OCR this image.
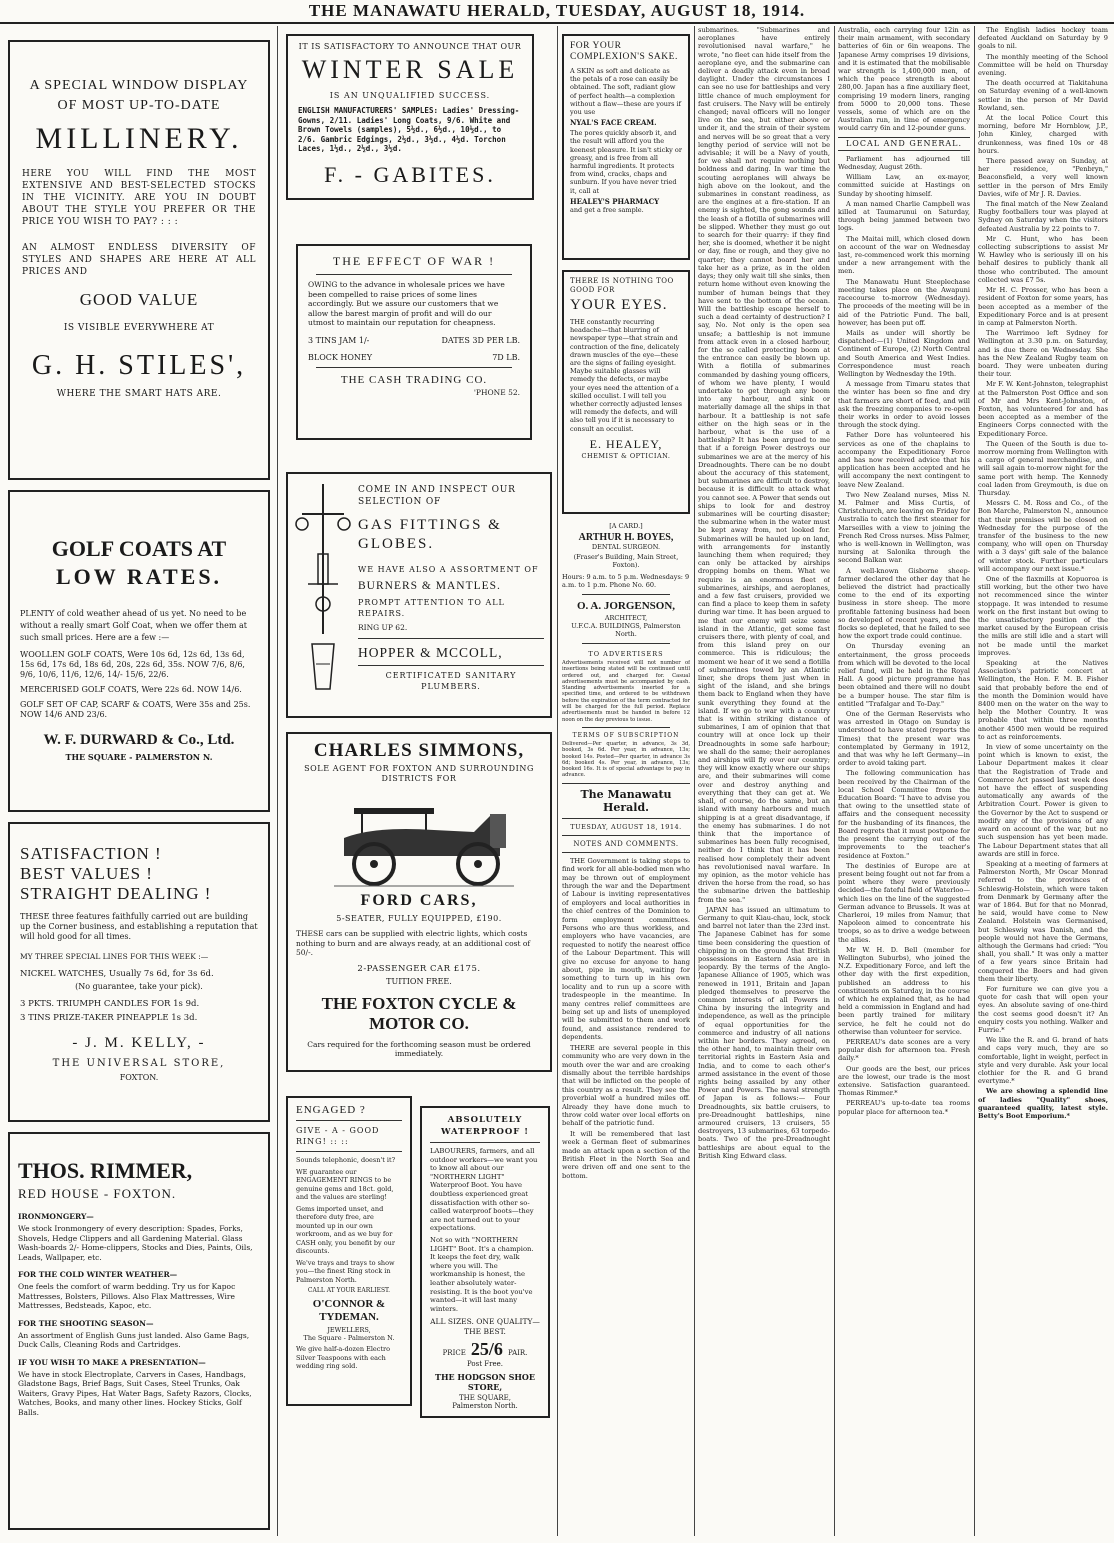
THE MANAWATU HERALD, TUESDAY, AUGUST 18, 1914.
A SPECIAL WINDOW DISPLAY
OF MOST UP-TO-DATE
MILLINERY.
HERE YOU WILL FIND THE MOST EXTENSIVE AND BEST-SELECTED STOCKS IN THE VICINITY. ARE YOU IN DOUBT ABOUT THE STYLE YOU PREFER OR THE PRICE YOU WISH TO PAY? : : :
AN ALMOST ENDLESS DIVERSITY OF STYLES AND SHAPES ARE HERE AT ALL PRICES AND
GOOD VALUE
IS VISIBLE EVERYWHERE AT
G. H. STILES',
WHERE THE SMART HATS ARE.
GOLF COATS AT
LOW RATES.
PLENTY of cold weather ahead of us yet. No need to be without a really smart Golf Coat, when we offer them at such small prices. Here are a few :—
WOOLLEN GOLF COATS, Were 10s 6d, 12s 6d, 13s 6d, 15s 6d, 17s 6d, 18s 6d, 20s, 22s 6d, 35s. NOW 7/6, 8/6, 9/6, 10/6, 11/6, 12/6, 14/- 15/6, 22/6.
MERCERISED GOLF COATS, Were 22s 6d. NOW 14/6.
GOLF SET OF CAP, SCARF & COATS, Were 35s and 25s. NOW 14/6 AND 23/6.
W. F. DURWARD & Co., Ltd.
THE SQUARE - PALMERSTON N.
SATISFACTION !
BEST VALUES !
STRAIGHT DEALING !
THESE three features faithfully carried out are building up the Corner business, and establishing a reputation that will hold good for all times.
MY THREE SPECIAL LINES FOR THIS WEEK :—
NICKEL WATCHES, Usually 7s 6d, for 3s 6d.
(No guarantee, take your pick).
3 PKTS. TRIUMPH CANDLES FOR 1s 9d.
3 TINS PRIZE-TAKER PINEAPPLE 1s 3d.
- J. M. KELLY, -
THE UNIVERSAL STORE,
FOXTON.
THOS. RIMMER,
RED HOUSE - FOXTON.
IRONMONGERY—
We stock Ironmongery of every description: Spades, Forks, Shovels, Hedge Clippers and all Gardening Material. Glass Wash-boards 2/- Home-clippers, Stocks and Dies, Paints, Oils, Leads, Wallpaper, etc.
FOR THE COLD WINTER WEATHER—
One feels the comfort of warm bedding. Try us for Kapoc Mattresses, Bolsters, Pillows. Also Flax Mattresses, Wire Mattresses, Bedsteads, Kapoc, etc.
FOR THE SHOOTING SEASON—
An assortment of English Guns just landed. Also Game Bags, Duck Calls, Cleaning Rods and Cartridges.
IF YOU WISH TO MAKE A PRESENTATION—
We have in stock Electroplate, Carvers in Cases, Handbags, Gladstone Bags, Brief Bags, Suit Cases, Steel Trunks, Oak Waiters, Gravy Pipes, Hat Water Bags, Safety Razors, Clocks, Watches, Books, and many other lines. Hockey Sticks, Golf Balls.
IT IS SATISFACTORY TO ANNOUNCE THAT OUR
WINTER SALE
IS AN UNQUALIFIED SUCCESS.
ENGLISH MANUFACTURERS' SAMPLES: Ladies' Dressing-Gowns, 2/11. Ladies' Long Coats, 9/6. White and Brown Towels (samples), 5½d., 6½d., 10½d., to 2/6. Gambric Edgings, 2½d., 3½d., 4½d. Torchon Laces, 1½d., 2½d., 3½d.
F. - GABITES.
THE EFFECT OF WAR !
OWING to the advance in wholesale prices we have been compelled to raise prices of some lines accordingly. But we assure our customers that we allow the barest margin of profit and will do our utmost to maintain our reputation for cheapness.
3 TINS JAM 1/-	DATES 3D PER LB.
BLOCK HONEY	7D LB.
THE CASH TRADING CO.
'PHONE 52.
COME IN AND INSPECT OUR SELECTION OF
GAS FITTINGS & GLOBES.
WE HAVE ALSO A ASSORTMENT OF
BURNERS & MANTLES.
PROMPT ATTENTION TO ALL REPAIRS.
RING UP 62.
HOPPER & MCCOLL,
CERTIFICATED SANITARY PLUMBERS.
CHARLES SIMMONS,
SOLE AGENT FOR FOXTON AND SURROUNDING DISTRICTS FOR
FORD CARS,
5-SEATER, FULLY EQUIPPED, £190.
THESE cars can be supplied with electric lights, which costs nothing to burn and are always ready, at an additional cost of 50/-.
2-PASSENGER CAR £175.
TUITION FREE.
THE FOXTON CYCLE & MOTOR CO.
Cars required for the forthcoming season must be ordered immediately.
ENGAGED ?
GIVE - A - GOOD RING! :: ::
Sounds telephonic, doesn't it?
WE guarantee our ENGAGEMENT RINGS to be genuine gems and 18ct. gold, and the values are sterling!
Gems imported unset, and therefore duty free, are mounted up in our own workroom, and as we buy for CASH only, you benefit by our discounts.
We've trays and trays to show you—the finest Ring stock in Palmerston North.
CALL AT YOUR EARLIEST.
O'CONNOR & TYDEMAN.
JEWELLERS,
The Square - Palmerston N.
We give half-a-dozen Electro Silver Teaspoons with each wedding ring sold.
ABSOLUTELY WATERPROOF !
LABOURERS, farmers, and all outdoor workers—we want you to know all about our "NORTHERN LIGHT" Waterproof Boot. You have doubtless experienced great dissatisfaction with other so-called waterproof boots—they are not turned out to your expectations.
Not so with "NORTHERN LIGHT" Boot. It's a champion. It keeps the feet dry, walk where you will. The workmanship is honest, the leather absolutely water-resisting. It is the boot you've wanted—it will last many winters.
ALL SIZES. ONE QUALITY—THE BEST.
PRICE 25/6 PAIR.
Post Free.
THE HODGSON SHOE STORE,
THE SQUARE,
Palmerston North.
FOR YOUR COMPLEXION'S SAKE.
A SKIN as soft and delicate as the petals of a rose can easily be obtained. The soft, radiant glow of perfect health—a complexion without a flaw—these are yours if you use
NYAL'S FACE CREAM.
The pores quickly absorb it, and the result will afford you the keenest pleasure. It isn't sticky or greasy, and is free from all harmful ingredients. It protects from wind, cracks, chaps and sunburn. If you have never tried it, call at
HEALEY'S PHARMACY
and get a free sample.
THERE IS NOTHING TOO GOOD FOR
YOUR EYES.
THE constantly recurring headache—that blurring of newspaper type—that strain and contraction of the fine, delicately drawn muscles of the eye—these are the signs of failing eyesight. Maybe suitable glasses will remedy the defects, or maybe your eyes need the attention of a skilled occulist. I will tell you whether correctly adjusted lenses will remedy the defects, and will also tell you if it is necessary to consult an occulist.
E. HEALEY,
CHEMIST & OPTICIAN.
[A CARD.]
ARTHUR H. BOYES,
DENTAL SURGEON.
(Fraser's Building, Main Street, Foxton).
Hours: 9 a.m. to 5 p.m. Wednesdays: 9 a.m. to 1 p.m. Phone No. 60.
O. A. JORGENSON,
ARCHITECT,
U.F.C.A. BUILDINGS, Palmerston North.
TO ADVERTISERS
Advertisements received will not number of insertions being stated will be continued until ordered out, and charged for. Casual advertisements must be accompanied by cash. Standing advertisements inserted for a specified time, and ordered to be withdrawn before the expiration of the term contracted for will be charged for the full period. Replace advertisements must be handed in before 12 noon on the day previous to issue.
TERMS OF SUBSCRIPTION
Delivered—Per quarter, in advance, 3s 3d, booked, 3s 6d. Per year, in advance, 13s; booked 14s. Posted—Per quarter, in advance 3s 6d; booked 4s. Per year, in advance, 13s; booked 16s. It is of special advantage to pay in advance.
The Manawatu Herald.
TUESDAY, AUGUST 18, 1914.
NOTES AND COMMENTS.

THE Government is taking steps to find work for all able-bodied men who may be thrown out of employment through the war and the Department of Labour is inviting representatives of employers and local authorities in the chief centres of the Dominion to form employment committees. Persons who are thus workless, and employers who have vacancies, are requested to notify the nearest office of the Labour Department. This will give no excuse for anyone to hang about, pipe in mouth, waiting for something to turn up in his own locality and to run up a score with tradespeople in the meantime. In many centres relief committees are being set up and lists of unemployed will be submitted to them and work found, and assistance rendered to dependents.

THERE are several people in this community who are very down in the mouth over the war and are croaking dismally about the terrible hardships that will be inflicted on the people of this country as a result. They see the proverbial wolf a hundred miles off. Already they have done much to throw cold water over local efforts on behalf of the patriotic fund.

It will be remembered that last week a German fleet of submarines made an attack upon a section of the British Fleet in the North Sea and were driven off and one sent to the bottom.

submarines. "Submarines and aeroplanes have entirely revolutionised naval warfare," he wrote, "no fleet can hide itself from the aeroplane eye, and the submarine can deliver a deadly attack even in broad daylight. Under the circumstances I can see no use for battleships and very little chance of much employment for fast cruisers. The Navy will be entirely changed; naval officers will no longer live on the sea, but either above or under it, and the strain of their system and nerves will be so great that a very lengthy period of service will not be advisable; it will be a Navy of youth, for we shall not require nothing but boldness and daring. In war time the scouting aeroplanes will always be high above on the lookout, and the submarines in constant readiness, as are the engines at a fire-station. If an enemy is sighted, the gong sounds and the leash of a flotilla of submarines will be slipped. Whether they must go out to search for their quarry: if they find her, she is doomed, whether it be night or day, fine or rough, and they give no quarter; they cannot board her and take her as a prize, as in the olden days; they only wait till she sinks, then return home without even knowing the number of human beings that they have sent to the bottom of the ocean. Will the battleship escape herself to such a dead certainty of destruction? I say, No. Not only is the open sea unsafe; a battleship is not immune from attack even in a closed harbour, for the so called protecting boom at the entrance can easily be blown up. With a flotilla of submarines commanded by dashing young officers, of whom we have plenty, I would undertake to get through any boom into any harbour, and sink or materially damage all the ships in that harbour. It a battleship is not safe either on the high seas or in the harbour, what is the use of a battleship? It has been argued to me that if a foreign Power destroys our submarines we are at the mercy of his Dreadnoughts. There can be no doubt about the accuracy of this statement, but submarines are difficult to destroy, because it is difficult to attack what you cannot see. A Power that sends out ships to look for and destroy submarines will be courting disaster; the submarine when in the water must be kept away from, not looked for. Submarines will be hauled up on land, with arrangements for instantly launching them when required; they can only be attacked by airships dropping bombs on them. What we require is an enormous fleet of submarines, airships, and aeroplanes, and a few fast cruisers, provided we can find a place to keep them in safety during war time. It has been argued to me that our enemy will seize some island in the Atlantic, get some fast cruisers there, with plenty of coal, and from this island prey on our commerce. This is ridiculous; the moment we hear of it we send a flotilla of submarines towed by an Atlantic liner, she drops them just when in sight of the island, and she brings them back to England when they have sunk everything they found at the island. If we go to war with a country that is within striking distance of submarines, I am of opinion that that country will at once lock up their Dreadnoughts in some safe harbour; we shall do the same; their aeroplanes and airships will fly over our country; they will know exactly where our ships are, and their submarines will come over and destroy anything and everything that they can get at. We shall, of course, do the same, but an island with many harbours and much shipping is at a great disadvantage, if the enemy has submarines. I do not think that the importance of submarines has been fully recognised, neither do I think that it has been realised how completely their advent has revolutionised naval warfare. In my opinion, as the motor vehicle has driven the horse from the road, so has the submarine driven the battleship from the sea."

JAPAN has issued an ultimatum to Germany to quit Kiau-chau, lock, stock and barrel not later than the 23rd inst. The Japanese Cabinet has for some time been considering the question of chipping in on the ground that British possessions in Eastern Asia are in jeopardy. By the terms of the Anglo-Japanese Alliance of 1905, which was renewed in 1911, Britain and Japan pledged themselves to preserve the common interests of all Powers in China by insuring the integrity and independence, as well as the principle of equal opportunities for the commerce and industry of all nations within her borders. They agreed, on the other hand, to maintain their own territorial rights in Eastern Asia and India, and to come to each other's armed assistance in the event of those rights being assailed by any other Power and Powers. The naval strength of Japan is as follows:— Four Dreadnoughts, six battle cruisers, to pre-Dreadnought battleships, nine armoured cruisers, 13 cruisers, 55 destroyers, 13 submarines, 63 torpedo-boats. Two of the pre-Dreadnought battleships are about equal to the British King Edward class.

Australia, each carrying four 12in as their main armament, with secondary batteries of 6in or 6in weapons. The Japanese Army comprises 19 divisions, and it is estimated that the mobilisable war strength is 1,400,000 men, of which the peace strength is about 280,00. Japan has a fine auxiliary fleet, comprising 19 modern liners, ranging from 5000 to 20,000 tons. These vessels, some of which are on the Australian run, in time of emergency would carry 6in and 12-pounder guns.

LOCAL AND GENERAL.

Parliament has adjourned till Wednesday, August 26th.

William Law, an ex-mayor, committed suicide at Hastings on Sunday by shooting himself.

A man named Charlie Campbell was killed at Taumarunui on Saturday, through being jammed between two logs.

The Maitai mill, which closed down on account of the war on Wednesday last, re-commenced work this morning under a new arrangement with the men.

The Manawatu Hunt Steeplechase meeting takes place on the Awapuni racecourse to-morrow (Wednesday). The proceeds of the meeting will be in aid of the Patriotic Fund. The ball, however, has been put off.

Mails as under will shortly be dispatched:—(1) United Kingdom and Continent of Europe, (2) North Central and South America and West Indies. Correspondence must reach Wellington by Wednesday the 19th.

A message from Timaru states that the winter has been so fine and dry that farmers are short of feed, and will ask the freezing companies to re-open their works in order to avoid losses through the stock dying.

Father Dore has volunteered his services as one of the chaplains to accompany the Expeditionary Force and has now received advice that his application has been accepted and he will accompany the next contingent to leave New Zealand.

Two New Zealand nurses, Miss N. M. Palmer and Miss Curtis, of Christchurch, are leaving on Friday for Australia to catch the first steamer for Marseilles with a view to joining the French Red Cross nurses. Miss Palmer, who is well-known in Wellington, was nursing at Salonika through the second Balkan war.

A well-known Gisborne sheep-farmer declared the other day that he believed the district had practically come to the end of its exporting business in store sheep. The more profitable fattening business had been so developed of recent years, and the flocks so depleted, that he failed to see how the export trade could continue.

On Thursday evening an entertainment, the gross proceeds from which will be devoted to the local relief fund, will be held in the Royal Hall. A good picture programme has been obtained and there will no doubt be a bumper house. The star film is entitled "Trafalgar and To-Day."

One of the German Reservists who was arrested in Otago on Sunday is understood to have stated (reports the Times) that the present war was contemplated by Germany in 1912, and that was why he left Germany—in order to avoid taking part.

The following communication has been received by the Chairman of the local School Committee from the Education Board: "I have to advise you that owing to the unsettled state of affairs and the consequent necessity for the husbanding of its finances, the Board regrets that it must postpone for the present the carrying out of the improvements to the teacher's residence at Foxton."

The destinies of Europe are at present being fought out not far from a point where they were previously decided—the fateful field of Waterloo—which lies on the line of the suggested German advance to Brussels. It was at Charleroi, 19 miles from Namur, that Napoleon aimed to concentrate his troops, so as to drive a wedge between the allies.

Mr W. H. D. Bell (member for Wellington Suburbs), who joined the N.Z. Expeditionary Force, and left the other day with the first expedition, published an address to his constituents on Saturday, in the course of which he explained that, as he had held a commission in England and had been partly trained for military service, he felt he could not do otherwise than volunteer for service.

PERREAU's date scones are a very popular dish for afternoon tea. Fresh daily.*

Our goods are the best, our prices are the lowest, our trade is the most extensive. Satisfaction guaranteed. Thomas Rimmer.*

PERREAU's up-to-date tea rooms popular place for afternoon tea.*

The English ladies hockey team defeated Auckland on Saturday by 9 goals to nil.

The monthly meeting of the School Committee will be held on Thursday evening.

The death occurred at Tiakitahuna on Saturday evening of a well-known settler in the person of Mr David Rowland, sen.

At the local Police Court this morning, before Mr Hornblow, J.P., John Kinley, charged with drunkenness, was fined 10s or 48 hours.

There passed away on Sunday, at her residence, "Penbryn," Beaconsfield, a very well known settler in the person of Mrs Emily Davies, wife of Mr J. R. Davies.

The final match of the New Zealand Rugby footballers tour was played at Sydney on Saturday when the visitors defeated Australia by 22 points to 7.

Mr C. Hunt, who has been collecting subscriptions to assist Mr W. Hawley who is seriously ill on his behalf desires to publicly thank all those who contributed. The amount collected was £7 5s.

Mr H. C. Prosser, who has been a resident of Foxton for some years, has been accepted as a member of the Expeditionary Force and is at present in camp at Palmerston North.

The Warrimoo left Sydney for Wellington at 3.30 p.m. on Saturday, and is due there on Wednesday. She has the New Zealand Rugby team on board. They were unbeaten during their tour.

Mr F. W. Kent-Johnston, telegraphist at the Palmerston Post Office and son of Mr and Mrs Kent-Johnston, of Foxton, has volunteered for and has been accepted as a member of the Engineers Corps connected with the Expeditionary Force.

The Queen of the South is due to-morrow morning from Wellington with a cargo of general merchandise, and will sail again to-morrow night for the same port with hemp. The Kennedy coal laden from Greymouth, is due on Thursday.

Messrs C. M. Ross and Co., of the Bon Marche, Palmerston N., announce that their premises will be closed on Wednesday for the purpose of the transfer of the business to the new company, who will open on Thursday with a 3 days' gift sale of the balance of winter stock. Further particulars will accompany our next issue.*

One of the flaxmills at Kopuoroa is still working, but the other two have not recommenced since the winter stoppage. It was intended to resume work on the first instant but owing to the unsatisfactory position of the market caused by the European crisis the mills are still idle and a start will not be made until the market improves.

Speaking at the Natives Association's patriotic concert at Wellington, the Hon. F. M. B. Fisher said that probably before the end of the month the Dominion would have 8400 men on the water on the way to help the Mother Country. It was probable that within three months another 4500 men would be required to act as reinforcements.

In view of some uncertainty on the point which is known to exist, the Labour Department makes it clear that the Registration of Trade and Commerce Act passed last week does not have the effect of suspending automatically any awards of the Arbitration Court. Power is given to the Governor by the Act to suspend or modify any of the provisions of any award on account of the war, but no such suspension has yet been made. The Labour Department states that all awards are still in force.

Speaking at a meeting of farmers at Palmerston North, Mr Oscar Monrad referred to the provinces of Schleswig-Holstein, which were taken from Denmark by Germany after the war of 1864. But for that no Monrad, he said, would have come to New Zealand. Holstein was Germanised, but Schleswig was Danish, and the people would not have the Germans, although the Germans had cried: "You shall, you shall." It was only a matter of a few years since Britain had conquered the Boers and had given them their liberty.

For furniture we can give you a quote for cash that will open your eyes. An absolute saving of one-third the cost seems good doesn't it? An enquiry costs you nothing. Walker and Furrie.*

We like the R. and G. brand of hats and caps very much, they are so comfortable, light in weight, perfect in style and very durable. Ask your local clothier for the R. and G brand evertyme.*

We are showing a splendid line of ladies "Quality" shoes, guaranteed quality, latest style. Betty's Boot Emporium.*
